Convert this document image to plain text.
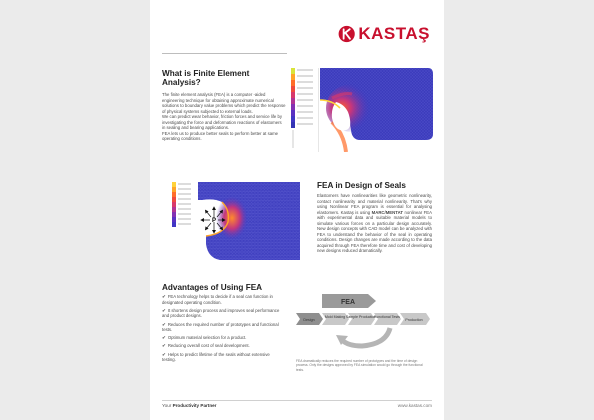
KASTAŞ
What is Finite Element
Analysis?

The finite element analysis (FEA) is a computer -aided engineering technique for obtaining approximate numerical solutions to boundary value problems which predict the response of physical systems subjected to external loads.

We can predict wear behavior, friction forces and service life by investigating the force and deformation reactions of elastomers in sealing and bearing applications.

FEA lets us to produce better seals to perform better at same operating conditions.

P
FEA in Design of Seals
Elastomers have nonlinearities like geometric nonlinearity, contact nonlinearity and material nonlinearity. That's why using Nonlinear FEA program is essential for analysing elastomers. Kastaş is using MARC/MENTAT nonlinear FEA with experimental data and suitable material models to simulate various forces on a particular design accurately. New design concepts with CAD model can be analyzed with FEA to understand the behavior of the seal in operating conditions. Design changes are made according to the data acquired through FEA therefore time and cost of developing new designs reduced dramatically.
Advantages of Using FEA
✔ FEA technology helps to decide if a seal can function in designated operating condition.
✔ It shortens design process and improves seal performance and product designs.
✔ Reduces the required number of prototypes and functional tests.
✔ Optimum material selection for a product.
✔ Reducing overall cost of seal development.
✔ Helps to predict lifetime of the seals without extensive testing.
FEA
Design
Mold Making Sample Production
Functional Tests
Production
FEA dramatically reduces the required number of prototypes and the time of design process. Only the designs approved by FEA simulation would go through the functional tests.
Your Productivity Partner	www.kastas.com
